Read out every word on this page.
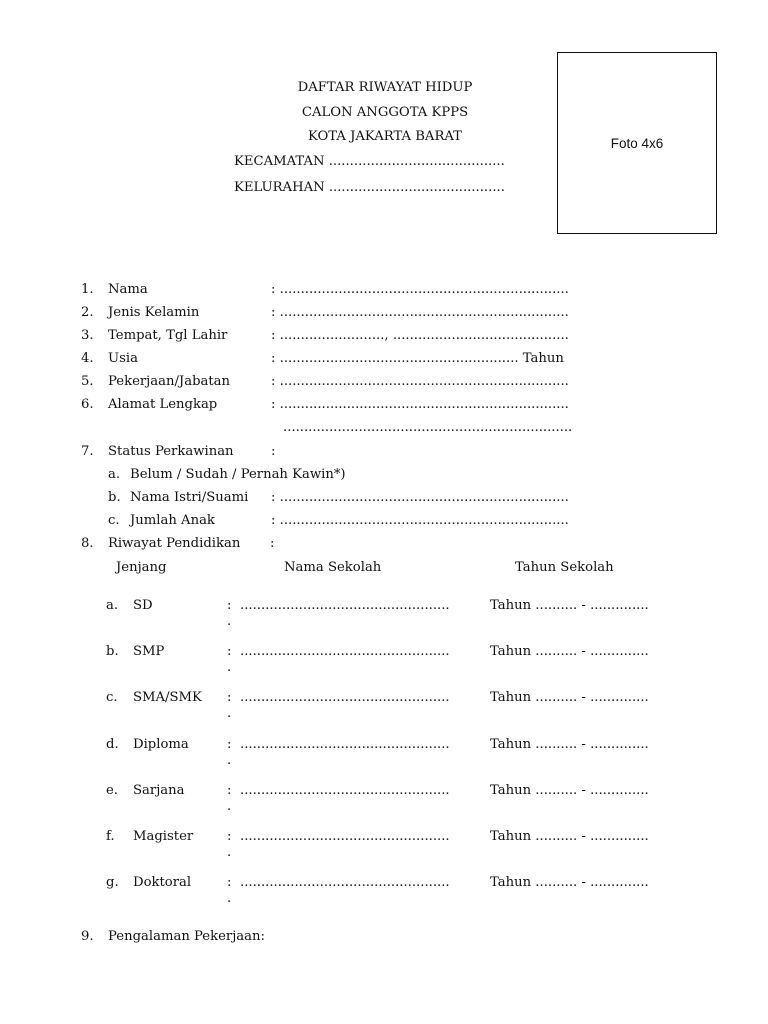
DAFTAR RIWAYAT HIDUP
CALON ANGGOTA KPPS
KOTA JAKARTA BARAT
KECAMATAN ..........................................
KELURAHAN ..........................................
Foto 4x6
1. Nama	: .....................................................................
2. Jenis Kelamin	: .....................................................................
3. Tempat, Tgl Lahir	: ........................., ..........................................
4. Usia	: ......................................................... Tahun
5. Pekerjaan/Jabatan	: .....................................................................
6. Alamat Lengkap	: .....................................................................
.....................................................................
7. Status Perkawinan	:
a. Belum / Sudah / Pernah Kawin*)
b. Nama Istri/Suami : .....................................................................
c. Jumlah Anak	: .....................................................................
8. Riwayat Pendidikan :
Jenjang	Nama Sekolah	Tahun Sekolah
a. SD	: ..................................................	Tahun .......... - ..............
.
b. SMP	: ..................................................	Tahun .......... - ..............
.
c. SMA/SMK : ..................................................	Tahun .......... - ..............
.
d. Diploma	: ..................................................	Tahun .......... - ..............
.
e. Sarjana	: ..................................................	Tahun .......... - ..............
.
f. Magister	: ..................................................	Tahun .......... - ..............
.
g. Doktoral	: ..................................................	Tahun .......... - ..............
.
9. Pengalaman Pekerjaan:
